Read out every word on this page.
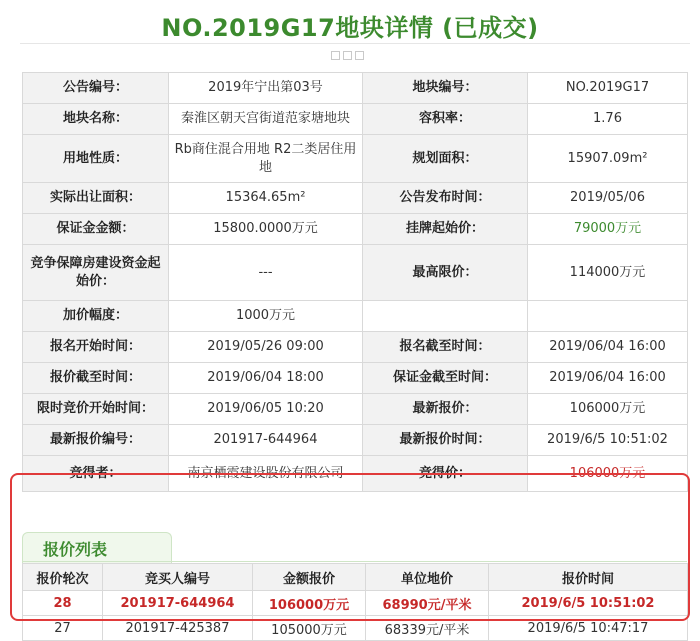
NO.2019G17地块详情 (已成交)
公告编号：	2019年宁出第03号	地块编号：	NO.2019G17
地块名称：	秦淮区朝天宫街道范家塘地块	容积率：	1.76
用地性质：	Rb商住混合用地 R2二类居住用地	规划面积：	15907.09m²
实际出让面积：	15364.65m²	公告发布时间：	2019/05/06
保证金金额：	15800.0000万元	挂牌起始价：	79000万元
竞争保障房建设资金起始价：	---	最高限价：	114000万元
加价幅度：	1000万元		
报名开始时间：	2019/05/26 09:00	报名截至时间：	2019/06/04 16:00
报价截至时间：	2019/06/04 18:00	保证金截至时间：	2019/06/04 16:00
限时竞价开始时间：	2019/06/05 10:20	最新报价：	106000万元
最新报价编号：	201917-644964	最新报价时间：	2019/6/5 10:51:02
竞得者：	南京栖霞建设股份有限公司	竞得价：	106000万元
报价列表
报价轮次	竞买人编号	金额报价	单位地价	报价时间
28	201917-644964	106000万元	68990元/平米	2019/6/5 10:51:02
27	201917-425387	105000万元	68339元/平米	2019/6/5 10:47:17
